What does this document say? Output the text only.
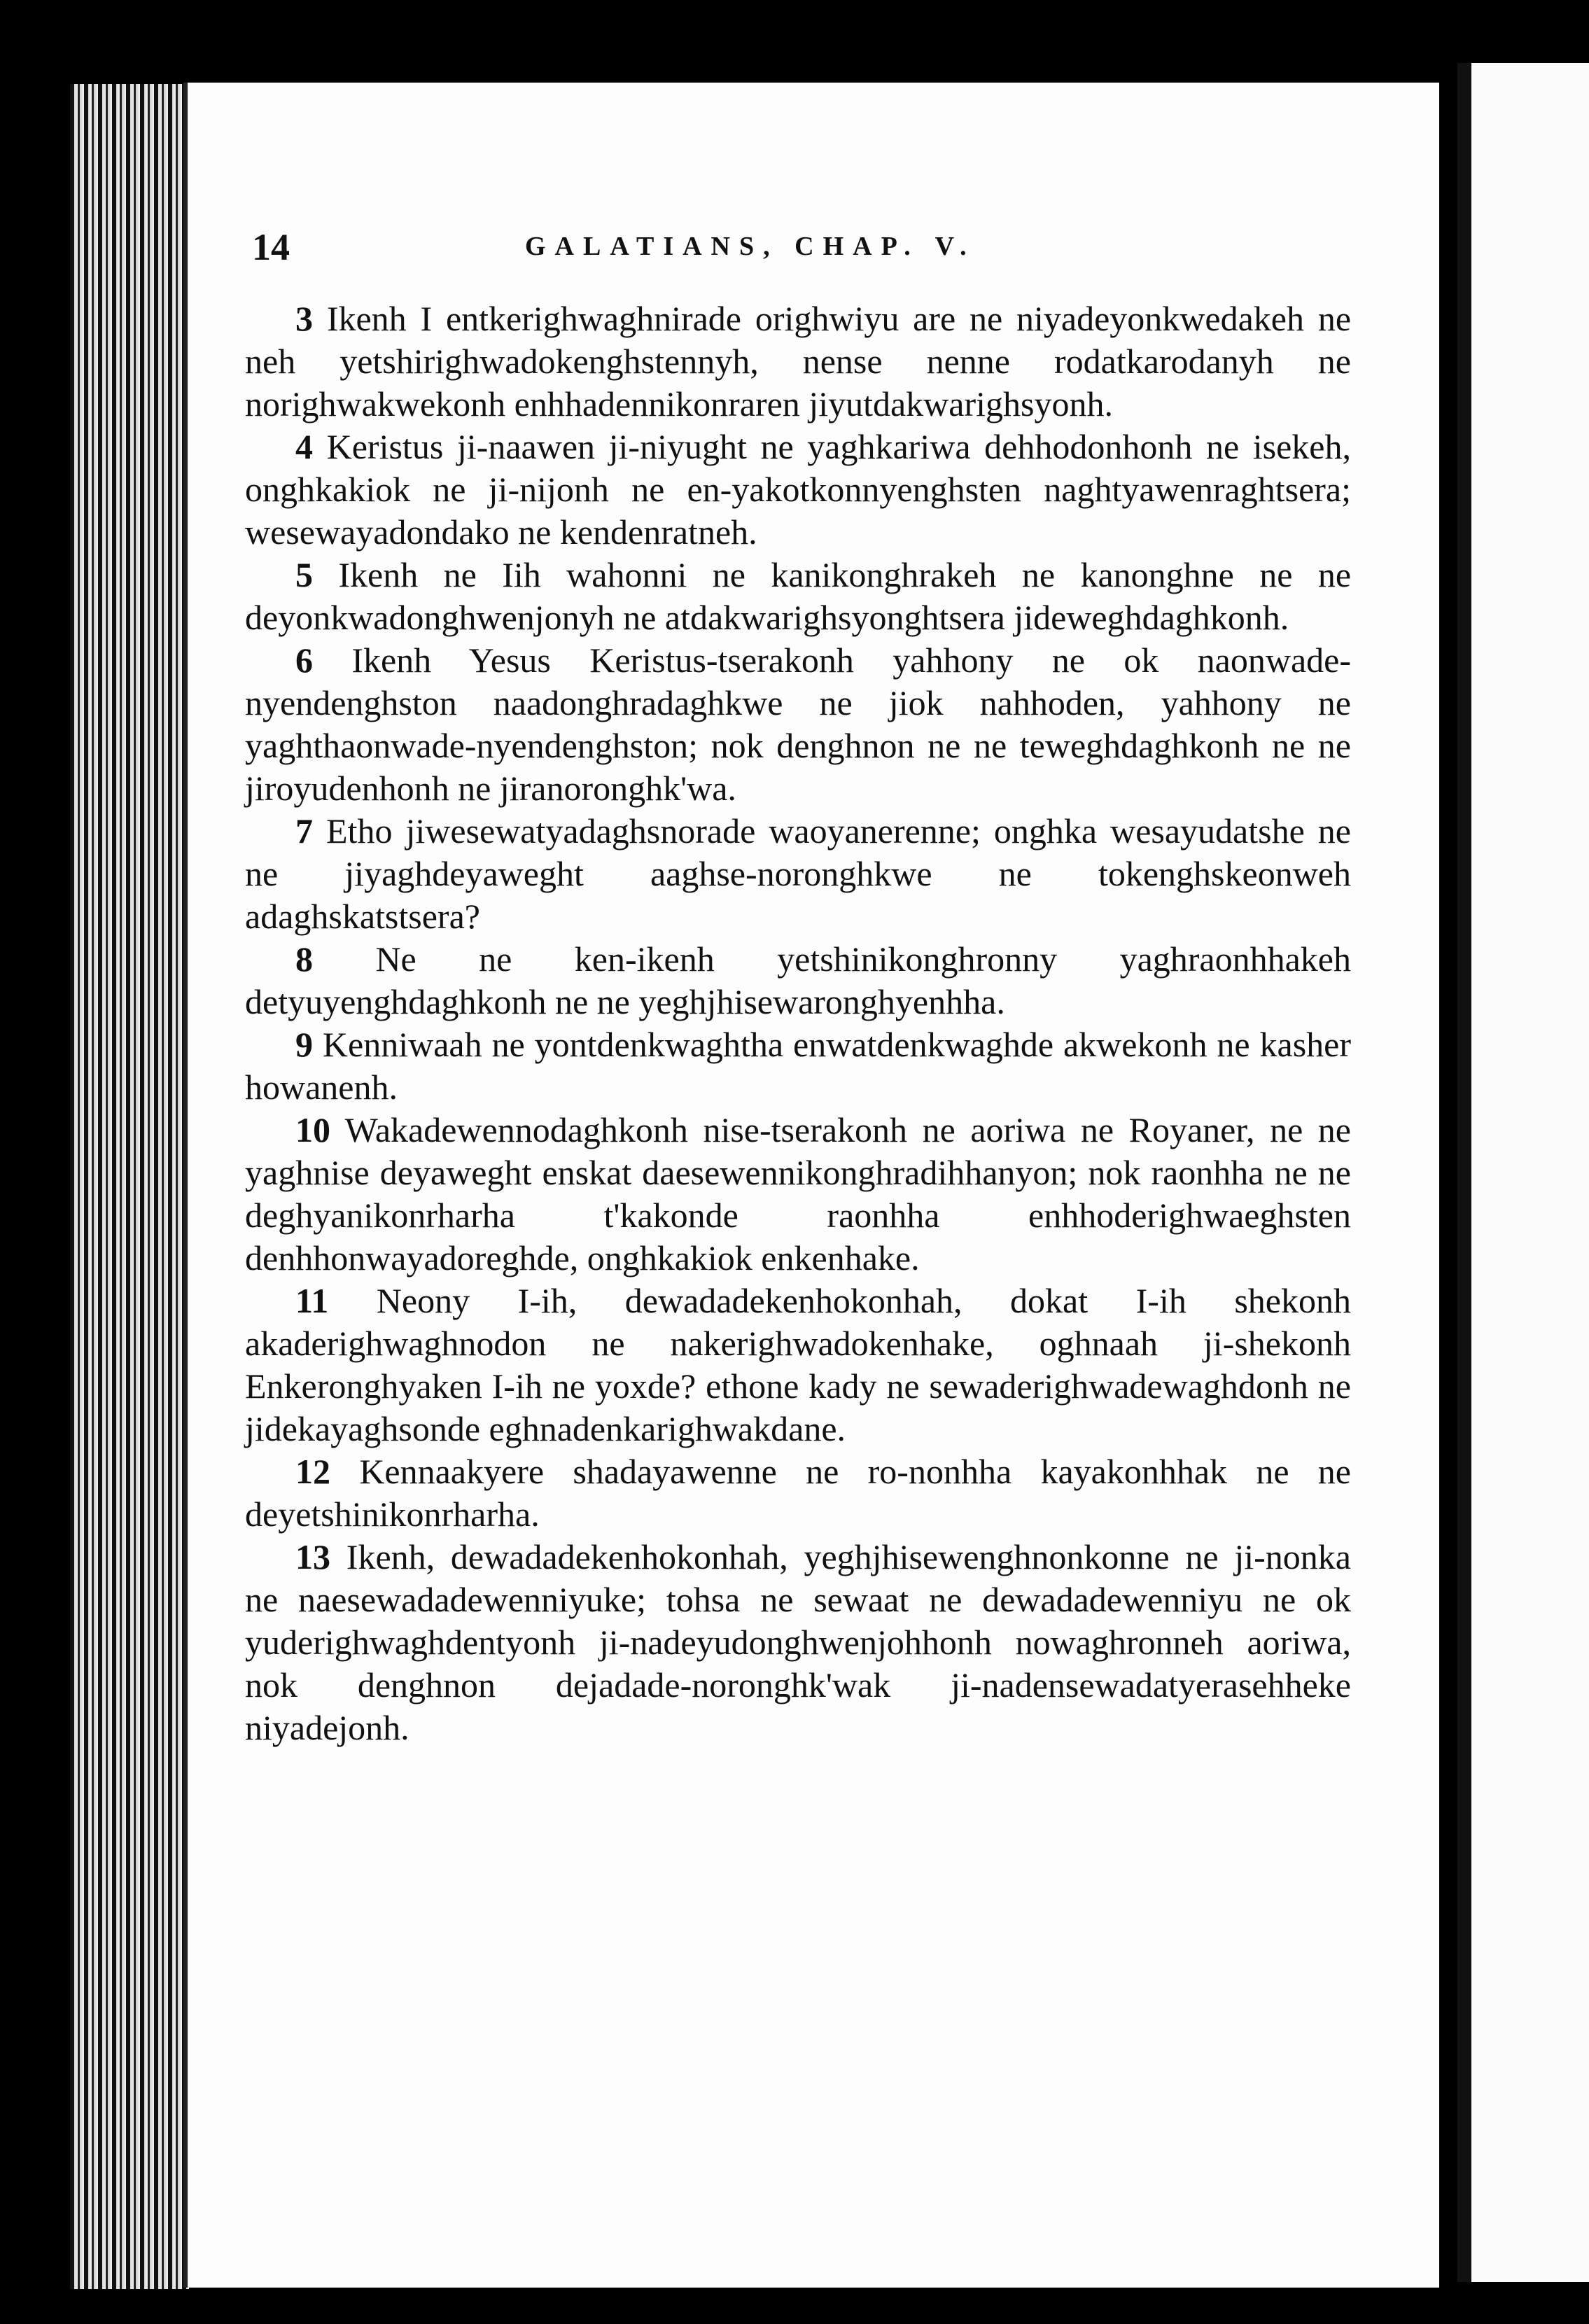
14	GALATIANS, CHAP. V.

3 Ikenh I entkerighwaghnirade orighwiyu are ne niyadeyonkwedakeh ne neh yetshirighwadokenghstennyh, nense nenne rodatkarodanyh ne norighwakwekonh enhhadennikonraren jiyutdakwarighsyonh.

4 Keristus ji-naawen ji-niyught ne yaghkariwa dehhodonhonh ne isekeh, onghkakiok ne ji-nijonh ne en-yakotkonnyenghsten naghtyawenraghtsera; wesewayadondako ne kendenratneh.

5 Ikenh ne Iih wahonni ne kanikonghrakeh ne kanonghne ne ne deyonkwadonghwenjonyh ne atdakwarighsyonghtsera jideweghdaghkonh.

6 Ikenh Yesus Keristus-tserakonh yahhony ne ok naonwade-nyendenghston naadonghradaghkwe ne jiok nahhoden, yahhony ne yaghthaonwade-nyendenghston; nok denghnon ne ne teweghdaghkonh ne ne jiroyudenhonh ne jiranoronghk'wa.

7 Etho jiwesewatyadaghsnorade waoyanerenne; onghka wesayudatshe ne ne jiyaghdeyaweght aaghse-noronghkwe ne tokenghskeonweh adaghskatstsera?

8 Ne ne ken-ikenh yetshinikonghronny yaghraonhhakeh detyuyenghdaghkonh ne ne yeghjhisewaronghyenhha.

9 Kenniwaah ne yontdenkwaghtha enwatdenkwaghde akwekonh ne kasher howanenh.

10 Wakadewennodaghkonh nise-tserakonh ne aoriwa ne Royaner, ne ne yaghnise deyaweght enskat daesewennikonghradihhanyon; nok raonhha ne ne deghyanikonrharha t'kakonde raonhha enhhoderighwaeghsten denhhonwayadoreghde, onghkakiok enkenhake.

11 Neony I-ih, dewadadekenhokonhah, dokat I-ih shekonh akaderighwaghnodon ne nakerighwadokenhake, oghnaah ji-shekonh Enkeronghyaken I-ih ne yoxde? ethone kady ne sewaderighwadewaghdonh ne jidekayaghsonde eghnadenkarighwakdane.

12 Kennaakyere shadayawenne ne ro-nonhha kayakonhhak ne ne deyetshinikonrharha.

13 Ikenh, dewadadekenhokonhah, yeghjhisewenghnonkonne ne ji-nonka ne naesewadadewenniyuke; tohsa ne sewaat ne dewadadewenniyu ne ok yuderighwaghdentyonh ji-nadeyudonghwenjohhonh nowaghronneh aoriwa, nok denghnon dejadade-noronghk'wak ji-nadensewadatyerasehheke niyadejonh.
